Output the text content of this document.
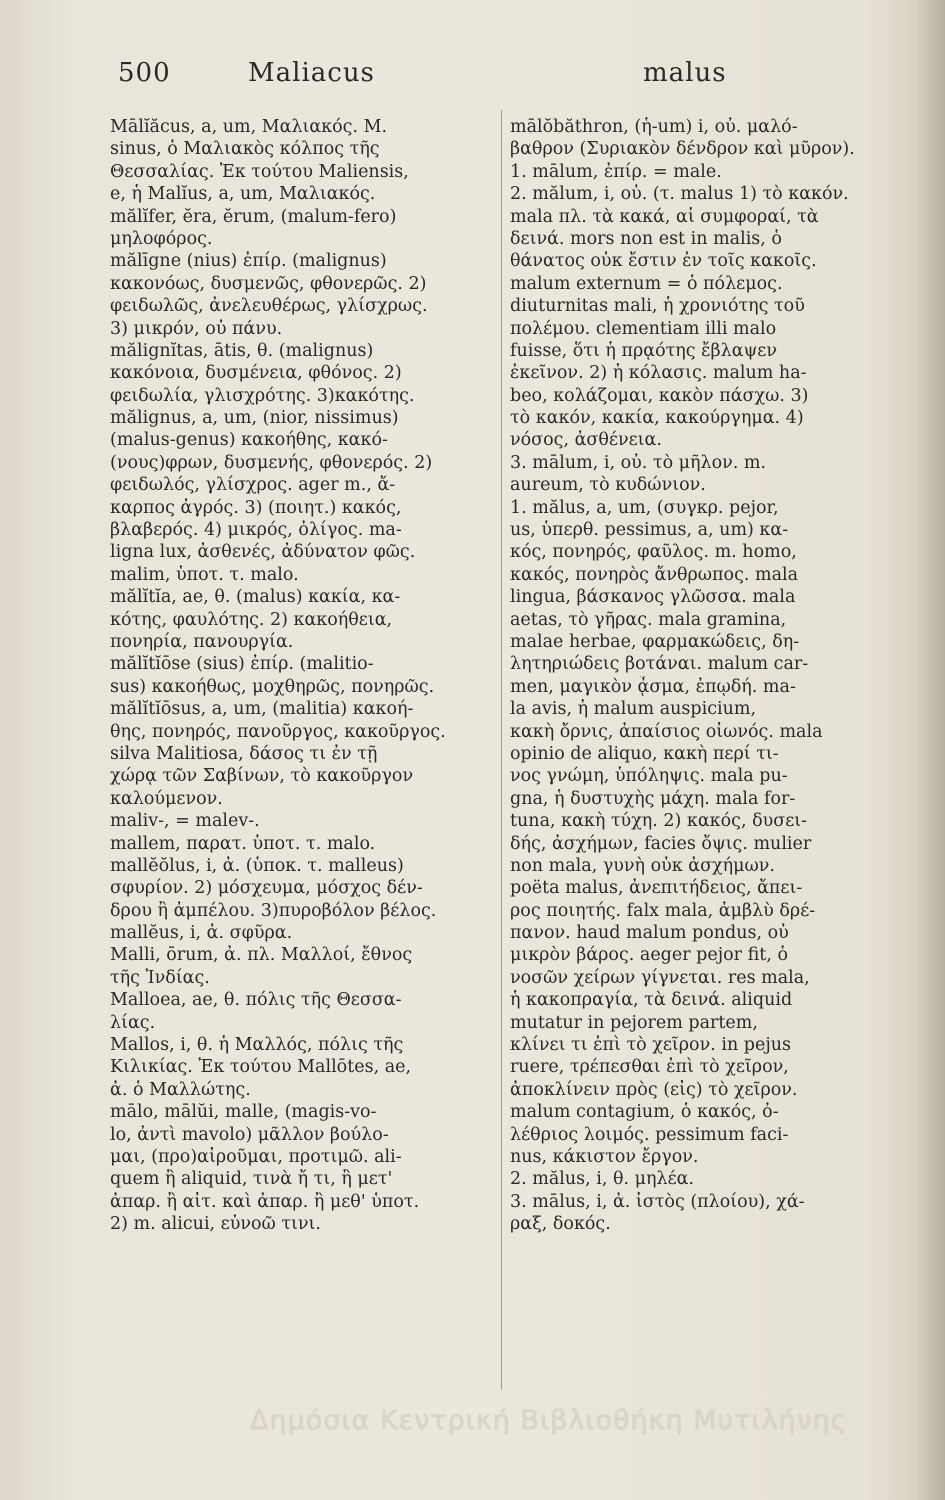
500	Maliacus	malus
Mālĭăcus, a, um, Μαλιακός. M.
sinus, ὁ Μαλιακὸς κόλπος τῆς
Θεσσαλίας. Ἐκ τούτου Maliensis,
e, ἡ Malĭus, a, um, Μαλιακός.
mălĭfer, ĕra, ĕrum, (malum-fero)
μηλοφόρος.
mălīgne (nius) ἐπίρ. (malignus)
κακονόως, δυσμενῶς, φθονερῶς. 2)
φειδωλῶς, ἀνελευθέρως, γλίσχρως.
3) μικρόν, οὐ πάνυ.
mălignĭtas, ātis, θ. (malignus)
κακόνοια, δυσμένεια, φθόνος. 2)
φειδωλία, γλισχρότης. 3)κακότης.
mălignus, a, um, (nior, nissimus)
(malus-genus) κακοήθης, κακό-
(νους)φρων, δυσμενής, φθονερός. 2)
φειδωλός, γλίσχρος. ager m., ἄ-
καρπος ἀγρός. 3) (ποιητ.) κακός,
βλαβερός. 4) μικρός, ὀλίγος. ma-
ligna lux, ἀσθενές, ἀδύνατον φῶς.
malim, ὑποτ. τ. malo.
mălĭtĭa, ae, θ. (malus) κακία, κα-
κότης, φαυλότης. 2) κακοήθεια,
πονηρία, πανουργία.
mălĭtĭōse (sius) ἐπίρ. (malitio-
sus) κακοήθως, μοχθηρῶς, πονηρῶς.
mălĭtĭōsus, a, um, (malitia) κακοή-
θης, πονηρός, πανοῦργος, κακοῦργος.
silva Malitiosa, δάσος τι ἐν τῇ
χώρᾳ τῶν Σαβίνων, τὸ κακοῦργον
καλούμενον.
maliv-, = malev-.
mallem, παρατ. ὑποτ. τ. malo.
mallĕŏlus, i, ἀ. (ὑποκ. τ. malleus)
σφυρίον. 2) μόσχευμα, μόσχος δέν-
δρου ἢ ἀμπέλου. 3)πυροβόλον βέλος.
mallĕus, i, ἀ. σφῦρα.
Malli, ōrum, ἀ. πλ. Μαλλοί, ἔθνος
τῆς Ἰνδίας.
Malloea, ae, θ. πόλις τῆς Θεσσα-
λίας.
Mallos, i, θ. ἡ Μαλλός, πόλις τῆς
Κιλικίας. Ἐκ τούτου Mallōtes, ae,
ἀ. ὁ Μαλλώτης.
mālo, mālŭi, malle, (magis-vo-
lo, ἀντὶ mavolo) μᾶλλον βούλο-
μαι, (προ)αἱροῦμαι, προτιμῶ. ali-
quem ἢ aliquid, τινὰ ἤ τι, ἢ μετ'
ἀπαρ. ἢ αἰτ. καὶ ἀπαρ. ἢ μεθ' ὑποτ.
2) m. alicui, εὐνοῶ τινι.
mālŏbăthron, (ἡ-um) i, οὐ. μαλό-
βαθρον (Συριακὸν δένδρον καὶ μῦρον).
1. mālum, ἐπίρ. = male.
2. mălum, i, οὐ. (τ. malus 1) τὸ κακόν.
mala πλ. τὰ κακά, αἱ συμφοραί, τὰ
δεινά. mors non est in malis, ὁ
θάνατος οὐκ ἔστιν ἐν τοῖς κακοῖς.
malum externum = ὁ πόλεμος.
diuturnitas mali, ἡ χρονιότης τοῦ
πολέμου. clementiam illi malo
fuisse, ὅτι ἡ πρᾳότης ἔβλαψεν
ἐκεῖνον. 2) ἡ κόλασις. malum ha-
beo, κολάζομαι, κακὸν πάσχω. 3)
τὸ κακόν, κακία, κακούργημα. 4)
νόσος, ἀσθένεια.
3. mālum, i, οὐ. τὸ μῆλον. m.
aureum, τὸ κυδώνιον.
1. mălus, a, um, (συγκρ. pejor,
us, ὑπερθ. pessimus, a, um) κα-
κός, πονηρός, φαῦλος. m. homo,
κακός, πονηρὸς ἄνθρωπος. mala
lingua, βάσκανος γλῶσσα. mala
aetas, τὸ γῆρας. mala gramina,
malae herbae, φαρμακώδεις, δη-
λητηριώδεις βοτάναι. malum car-
men, μαγικὸν ᾆσμα, ἐπῳδή. ma-
la avis, ἡ malum auspicium,
κακὴ ὄρνις, ἀπαίσιος οἰωνός. mala
opinio de aliquo, κακὴ περί τι-
νος γνώμη, ὑπόληψις. mala pu-
gna, ἡ δυστυχὴς μάχη. mala for-
tuna, κακὴ τύχη. 2) κακός, δυσει-
δής, ἀσχήμων, facies ὄψις. mulier
non mala, γυνὴ οὐκ ἀσχήμων.
poëta malus, ἀνεπιτήδειος, ἄπει-
ρος ποιητής. falx mala, ἀμβλὺ δρέ-
πανον. haud malum pondus, οὐ
μικρὸν βάρος. aeger pejor fit, ὁ
νοσῶν χείρων γίγνεται. res mala,
ἡ κακοπραγία, τὰ δεινά. aliquid
mutatur in pejorem partem,
κλίνει τι ἐπὶ τὸ χεῖρον. in pejus
ruere, τρέπεσθαι ἐπὶ τὸ χεῖρον,
ἀποκλίνειν πρὸς (εἰς) τὸ χεῖρον.
malum contagium, ὁ κακός, ὀ-
λέθριος λοιμός. pessimum faci-
nus, κάκιστον ἔργον.
2. mălus, i, θ. μηλέα.
3. mālus, i, ἀ. ἱστὸς (πλοίου), χά-
ραξ, δοκός.
Δημόσια Κεντρική Βιβλιοθήκη Μυτιλήνης
